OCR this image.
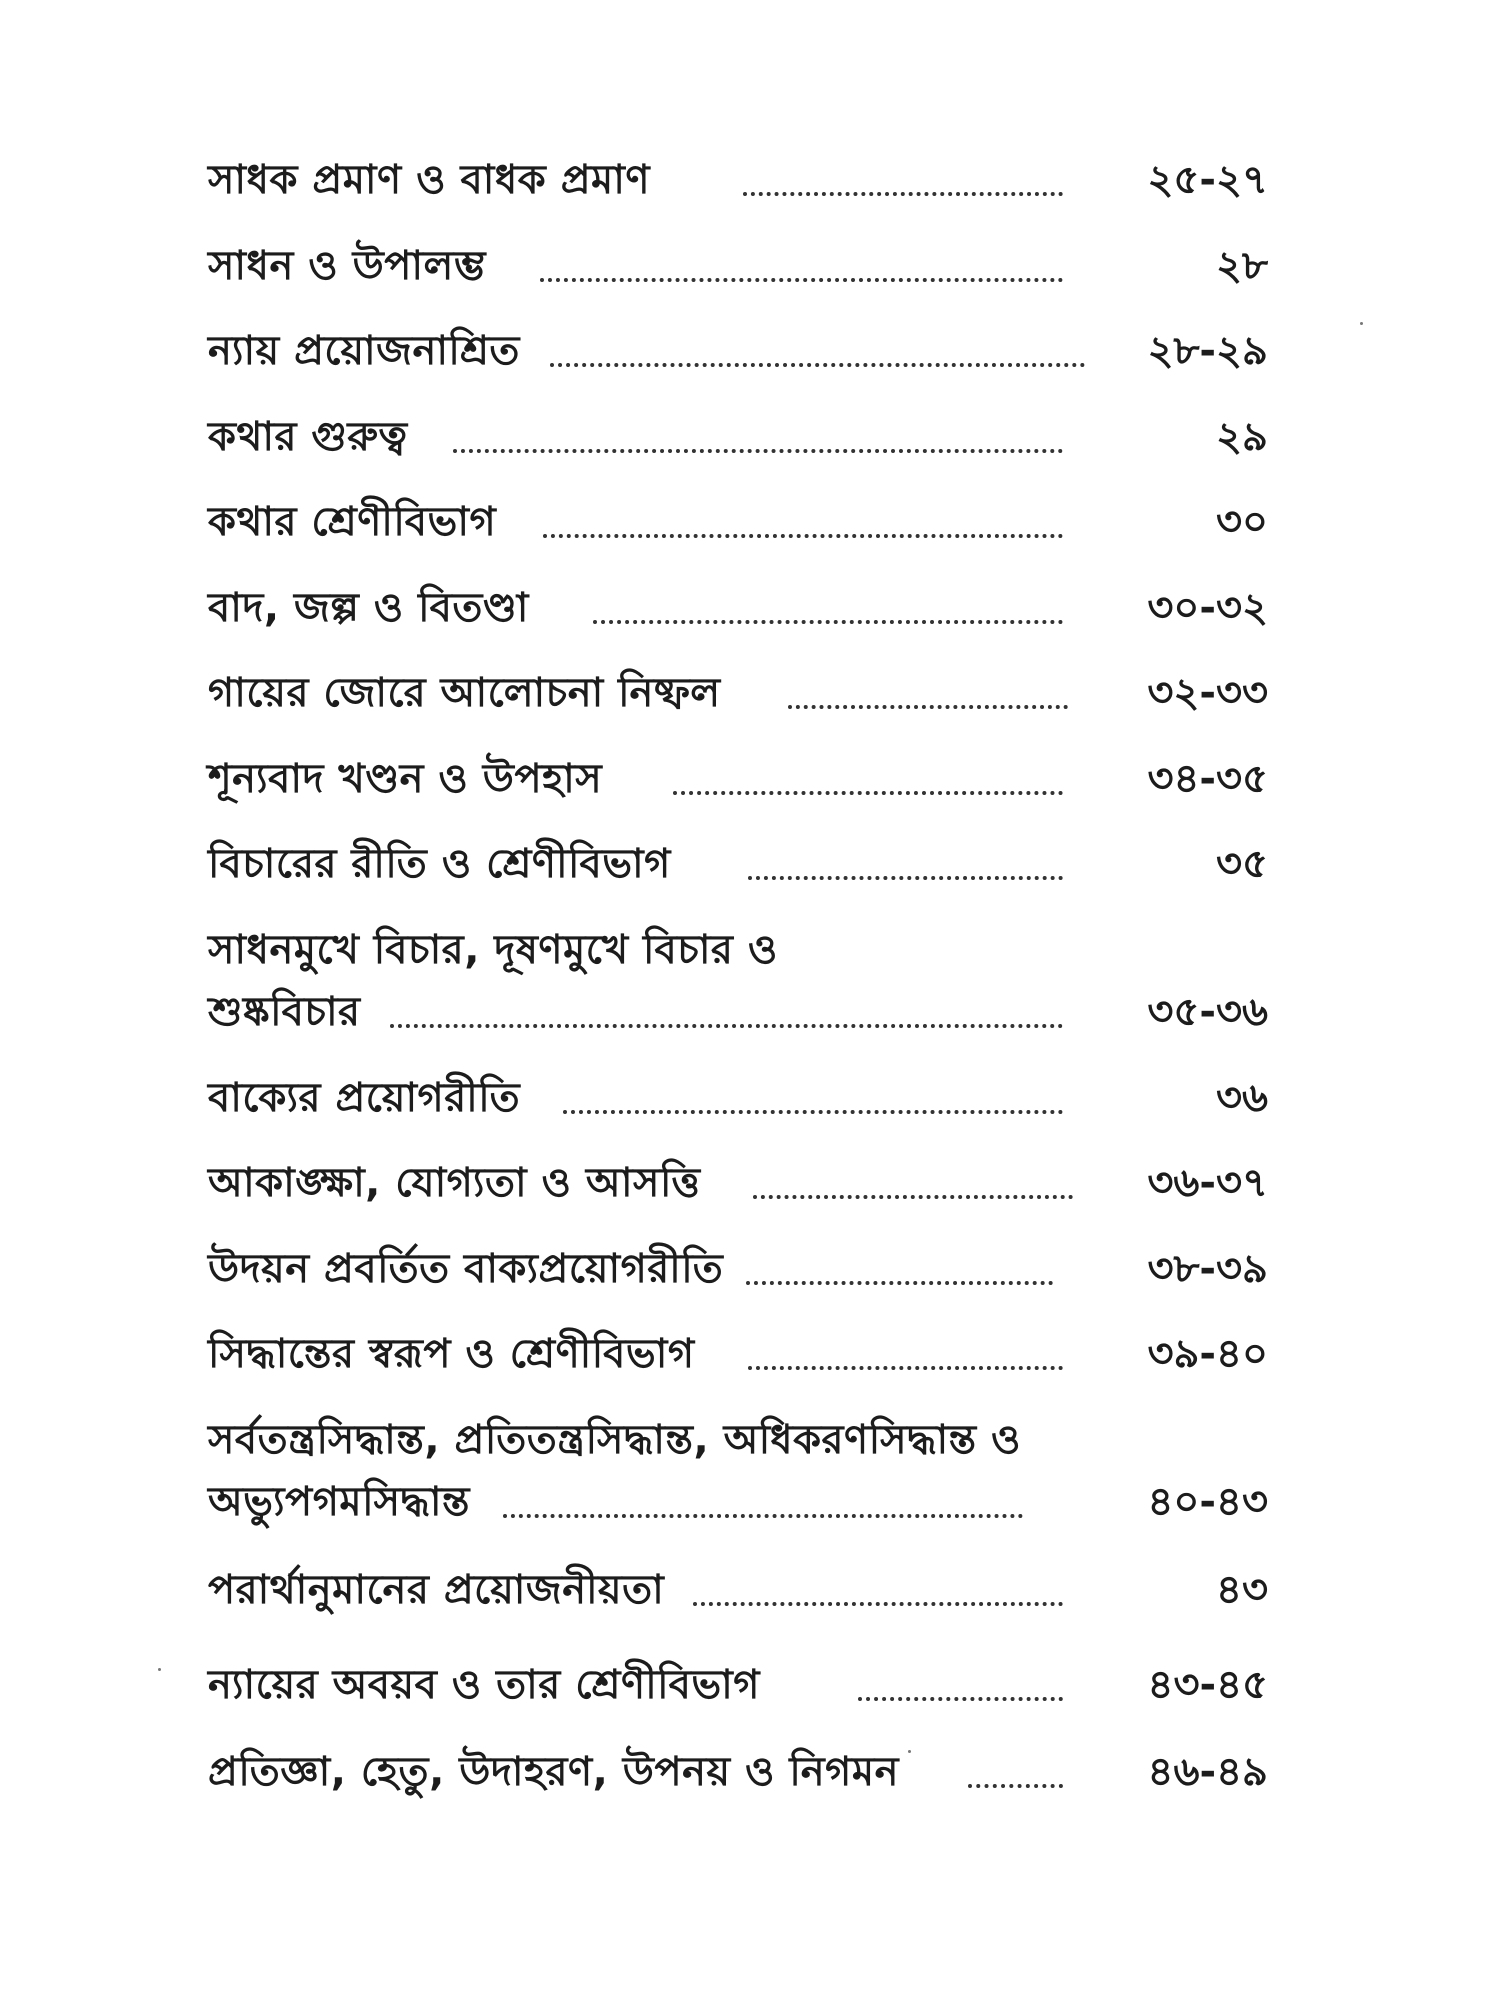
সাধক প্রমাণ ও বাধক প্রমাণ	২৫-২৭
সাধন ও উপালম্ভ	২৮
ন্যায় প্রয়োজনাশ্রিত	২৮-২৯
কথার গুরুত্ব	২৯
কথার শ্রেণীবিভাগ	৩০
বাদ, জল্প ও বিতণ্ডা	৩০-৩২
গায়ের জোরে আলোচনা নিষ্ফল	৩২-৩৩
শূন্যবাদ খণ্ডন ও উপহাস	৩৪-৩৫
বিচারের রীতি ও শ্রেণীবিভাগ	৩৫
সাধনমুখে বিচার, দূষণমুখে বিচার ও
শুষ্কবিচার	৩৫-৩৬
বাক্যের প্রয়োগরীতি	৩৬
আকাঙ্ক্ষা, যোগ্যতা ও আসত্তি	৩৬-৩৭
উদয়ন প্রবর্তিত বাক্যপ্রয়োগরীতি	৩৮-৩৯
সিদ্ধান্তের স্বরূপ ও শ্রেণীবিভাগ	৩৯-৪০
সর্বতন্ত্রসিদ্ধান্ত, প্রতিতন্ত্রসিদ্ধান্ত, অধিকরণসিদ্ধান্ত ও
অভ্যুপগমসিদ্ধান্ত	৪০-৪৩
পরার্থানুমানের প্রয়োজনীয়তা	৪৩
ন্যায়ের অবয়ব ও তার শ্রেণীবিভাগ	৪৩-৪৫
প্রতিজ্ঞা, হেতু, উদাহরণ, উপনয় ও নিগমন	৪৬-৪৯
